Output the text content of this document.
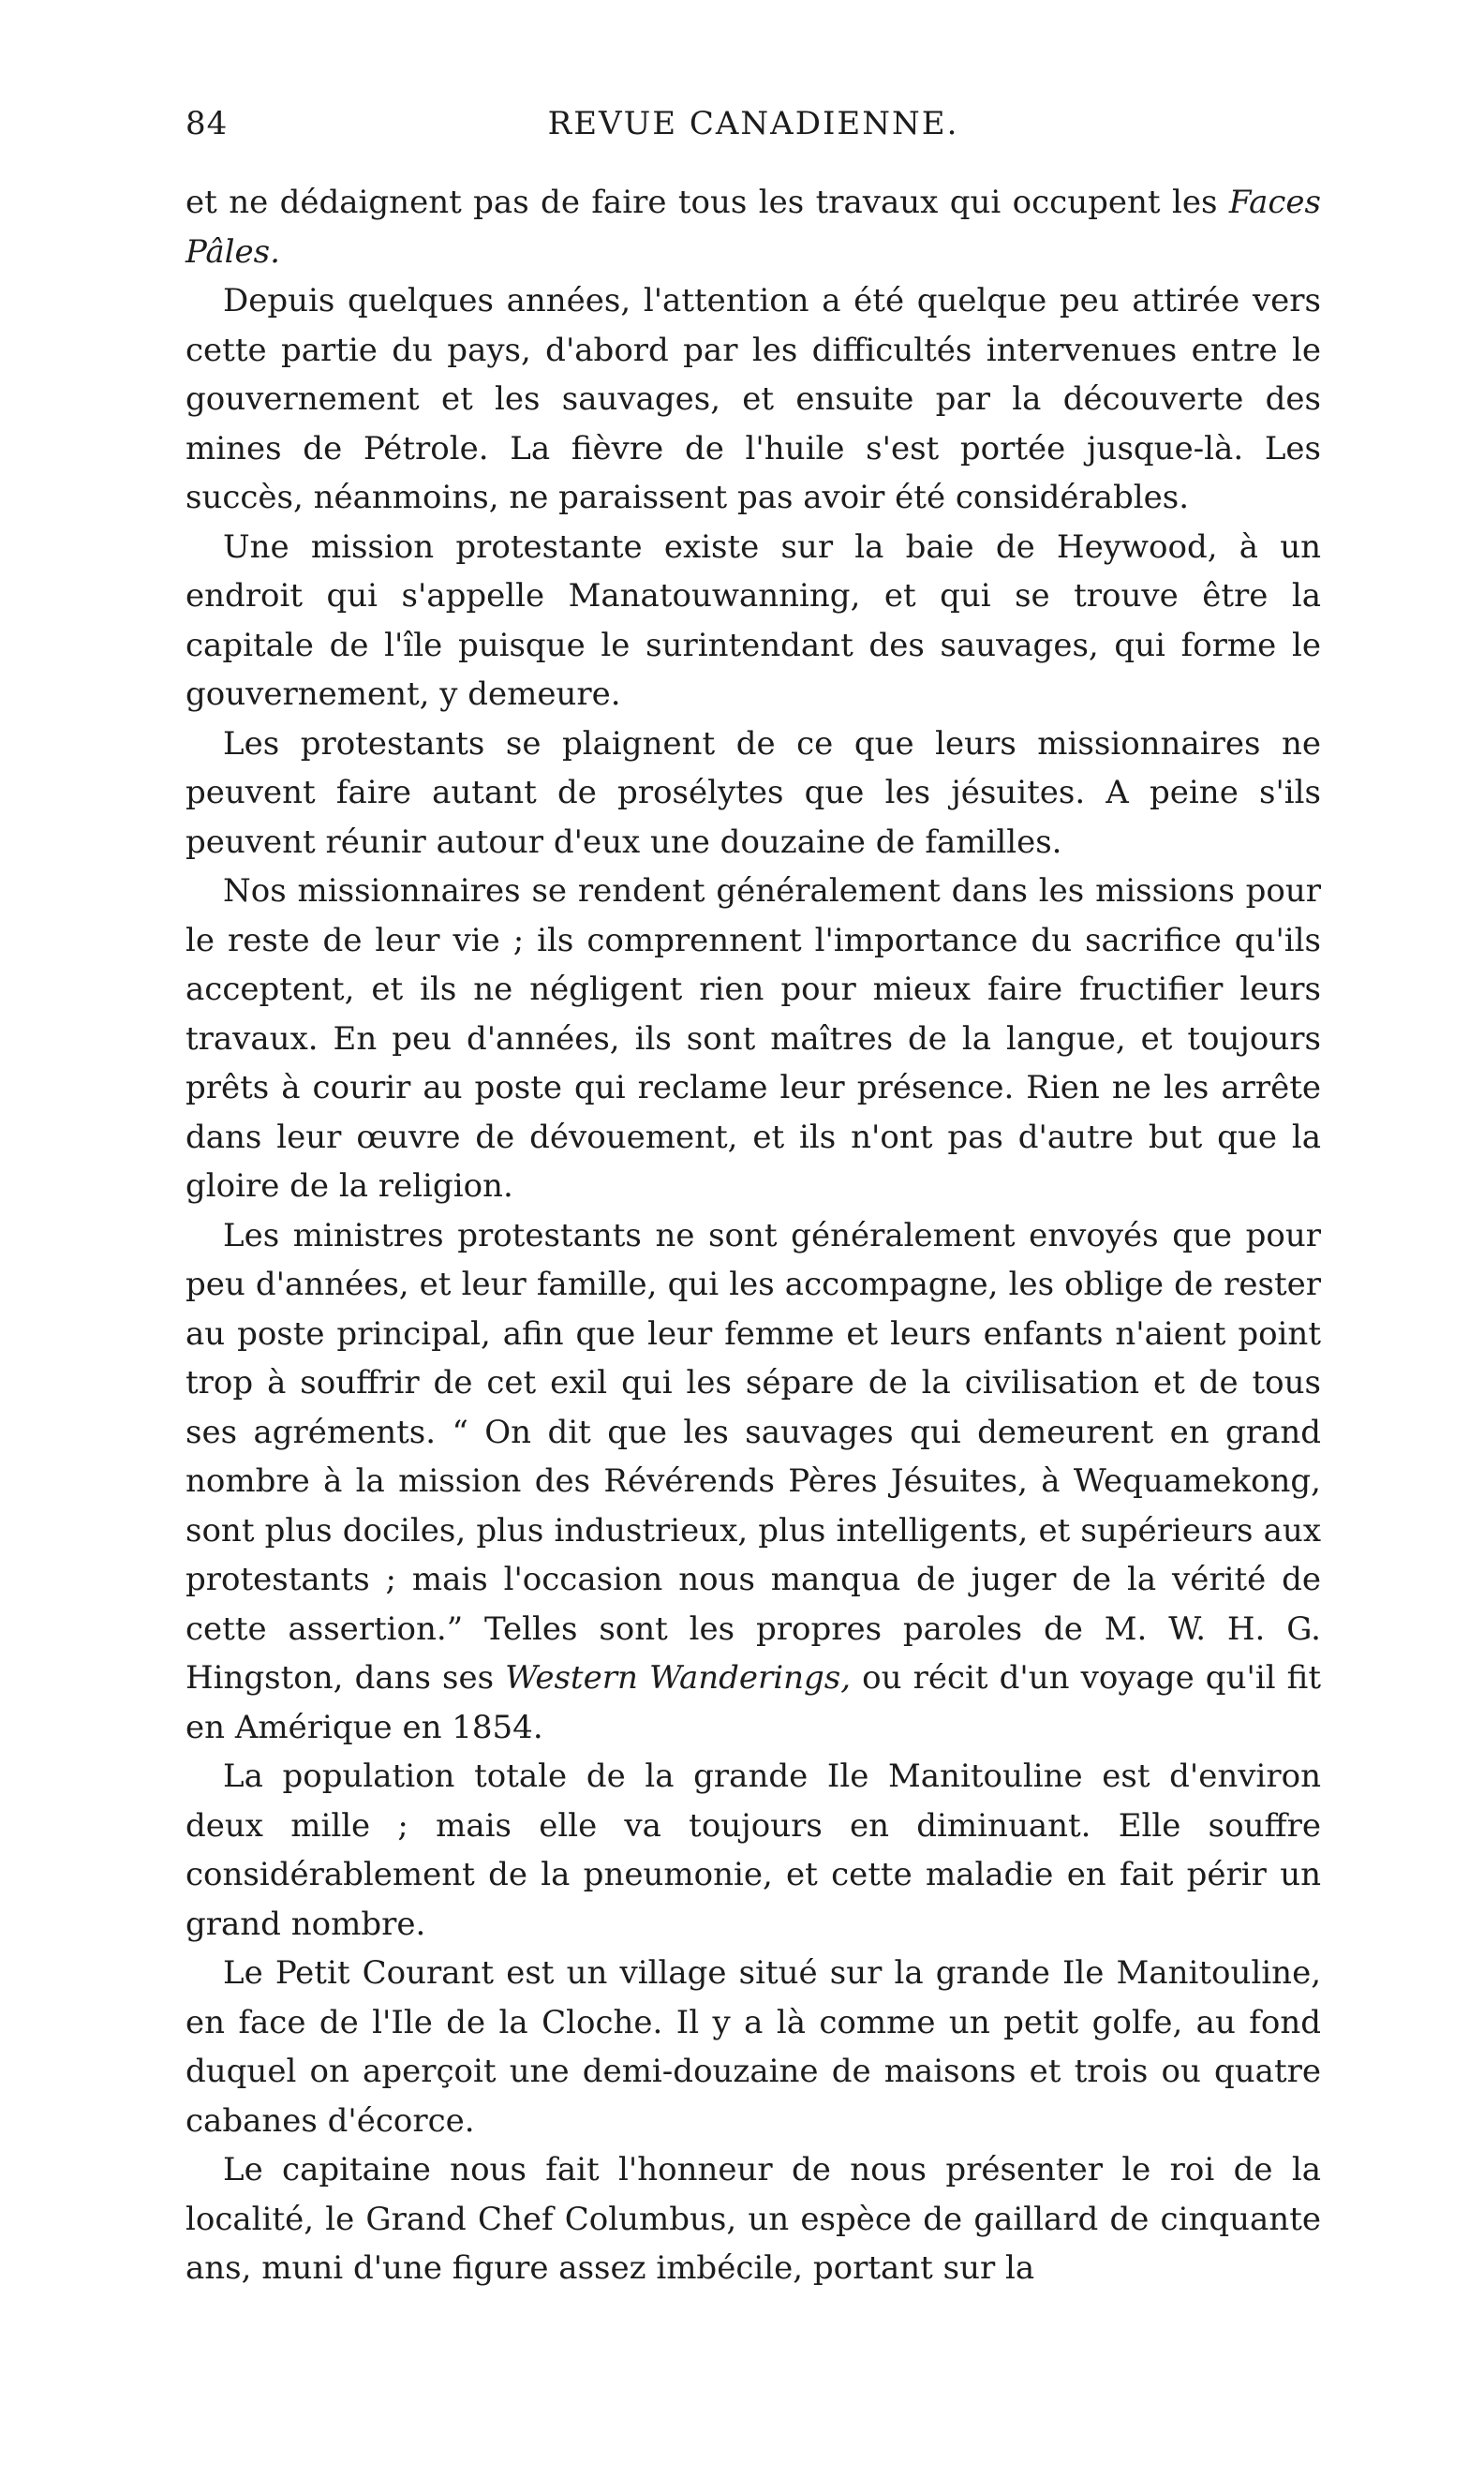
84	REVUE CANADIENNE.

et ne dédaignent pas de faire tous les travaux qui occupent les Faces Pâles.

Depuis quelques années, l'attention a été quelque peu attirée vers cette partie du pays, d'abord par les difficultés intervenues entre le gouvernement et les sauvages, et ensuite par la découverte des mines de Pétrole. La fièvre de l'huile s'est portée jusque-là. Les succès, néanmoins, ne paraissent pas avoir été considérables.

Une mission protestante existe sur la baie de Heywood, à un endroit qui s'appelle Manatouwanning, et qui se trouve être la capitale de l'île puisque le surintendant des sauvages, qui forme le gouvernement, y demeure.

Les protestants se plaignent de ce que leurs missionnaires ne peuvent faire autant de prosélytes que les jésuites. A peine s'ils peuvent réunir autour d'eux une douzaine de familles.

Nos missionnaires se rendent généralement dans les missions pour le reste de leur vie ; ils comprennent l'importance du sacrifice qu'ils acceptent, et ils ne négligent rien pour mieux faire fructifier leurs travaux. En peu d'années, ils sont maîtres de la langue, et toujours prêts à courir au poste qui reclame leur présence. Rien ne les arrête dans leur œuvre de dévouement, et ils n'ont pas d'autre but que la gloire de la religion.

Les ministres protestants ne sont généralement envoyés que pour peu d'années, et leur famille, qui les accompagne, les oblige de rester au poste principal, afin que leur femme et leurs enfants n'aient point trop à souffrir de cet exil qui les sépare de la civilisation et de tous ses agréments. “ On dit que les sauvages qui demeurent en grand nombre à la mission des Révérends Pères Jésuites, à Wequamekong, sont plus dociles, plus industrieux, plus intelligents, et supérieurs aux protestants ; mais l'occasion nous manqua de juger de la vérité de cette assertion.” Telles sont les propres paroles de M. W. H. G. Hingston, dans ses Western Wanderings, ou récit d'un voyage qu'il fit en Amérique en 1854.

La population totale de la grande Ile Manitouline est d'environ deux mille ; mais elle va toujours en diminuant. Elle souffre considérablement de la pneumonie, et cette maladie en fait périr un grand nombre.

Le Petit Courant est un village situé sur la grande Ile Manitouline, en face de l'Ile de la Cloche. Il y a là comme un petit golfe, au fond duquel on aperçoit une demi-douzaine de maisons et trois ou quatre cabanes d'écorce.

Le capitaine nous fait l'honneur de nous présenter le roi de la localité, le Grand Chef Columbus, un espèce de gaillard de cinquante ans, muni d'une figure assez imbécile, portant sur la
